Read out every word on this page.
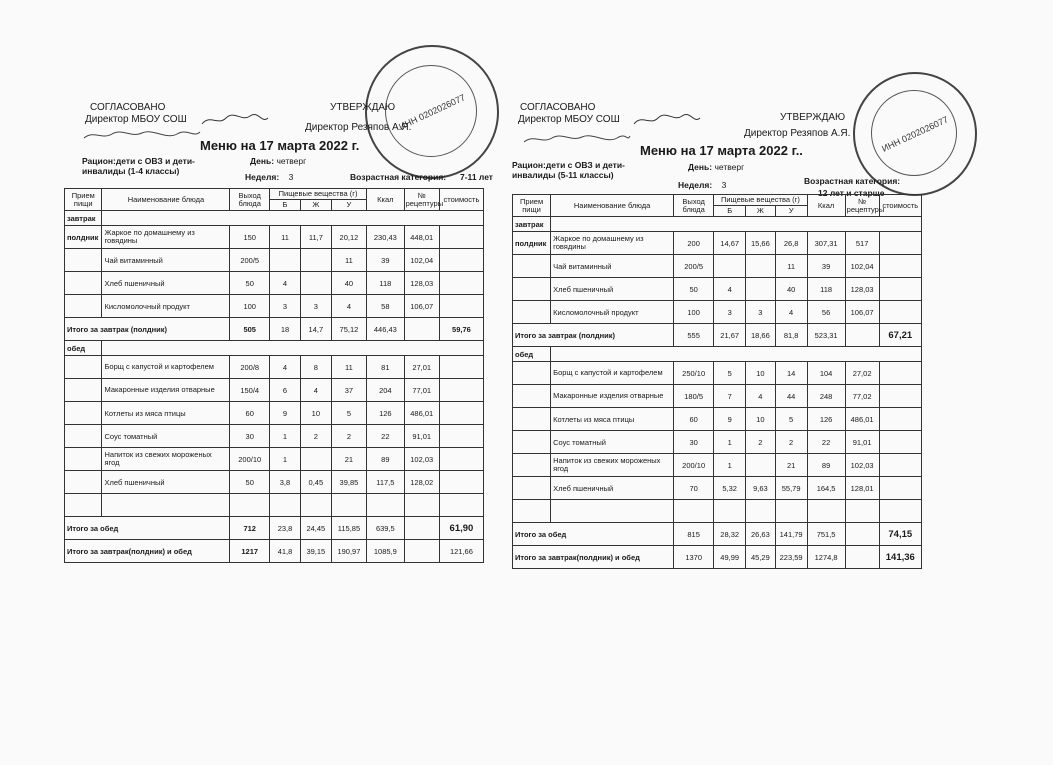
ИНН 0202026077
СОГЛАСОВАНО
Директор МБОУ СОШ
УТВЕРЖДАЮ
Директор Резяпов А.Я.
Меню на 17 марта 2022 г.
Рацион:дети с ОВЗ и дети-инвалиды (1-4 классы)
День: четверг
Неделя: 3	Возрастная категория: 7-11 лет
Прием пищи	Наименование блюда	Выход блюда	Пищевые вещества (г)			Ккал	№ рецептуры	стоимость
			Б	Ж	У			
завтрак								
полдник	Жаркое по домашнему из говядины	150	11	11,7	20,12	230,43	448,01	
	Чай витаминный	200/5			11	39	102,04	
	Хлеб пшеничный	50	4		40	118	128,03	
	Кисломолочный продукт	100	3	3	4	58	106,07	
Итого за завтрак (полдник)		505	18	14,7	75,12	446,43		59,76
обед								
	Борщ с капустой и картофелем	200/8	4	8	11	81	27,01	
	Макаронные изделия отварные	150/4	6	4	37	204	77,01	
	Котлеты из мяса птицы	60	9	10	5	126	486,01	
	Соус томатный	30	1	2	2	22	91,01	
	Напиток из свежих мороженых ягод	200/10	1		21	89	102,03	
	Хлеб пшеничный	50	3,8	0,45	39,85	117,5	128,02	

Итого за обед		712	23,8	24,45	115,85	639,5		61,90
Итого за завтрак(полдник) и обед		1217	41,8	39,15	190,97	1085,9		121,66
ИНН 0202026077
СОГЛАСОВАНО
Директор МБОУ СОШ	УТВЕРЖДАЮ
Директор Резяпов А.Я.
Меню на 17 марта 2022 г..
Рацион:дети с ОВЗ и дети-инвалиды (5-11 классы)
День: четверг
Неделя: 3	Возрастная категория:
12 лет и старше
Прием пищи	Наименование блюда	Выход блюда	Пищевые вещества (г)			Ккал	№ рецептуры	стоимость
			Б	Ж	У			
завтрак								
полдник	Жаркое по домашнему из говядины	200	14,67	15,66	26,8	307,31	517	
	Чай витаминный	200/5			11	39	102,04	
	Хлеб пшеничный	50	4		40	118	128,03	
	Кисломолочный продукт	100	3	3	4	56	106,07	
Итого за завтрак (полдник)		555	21,67	18,66	81,8	523,31		67,21
обед								
	Борщ с капустой и картофелем	250/10	5	10	14	104	27,02	
	Макаронные изделия отварные	180/5	7	4	44	248	77,02	
	Котлеты из мяса птицы	60	9	10	5	126	486,01	
	Соус томатный	30	1	2	2	22	91,01	
	Напиток из свежих мороженых ягод	200/10	1		21	89	102,03	
	Хлеб пшеничный	70	5,32	9,63	55,79	164,5	128,01	

Итого за обед		815	28,32	26,63	141,79	751,5		74,15
Итого за завтрак(полдник) и обед		1370	49,99	45,29	223,59	1274,8		141,36
